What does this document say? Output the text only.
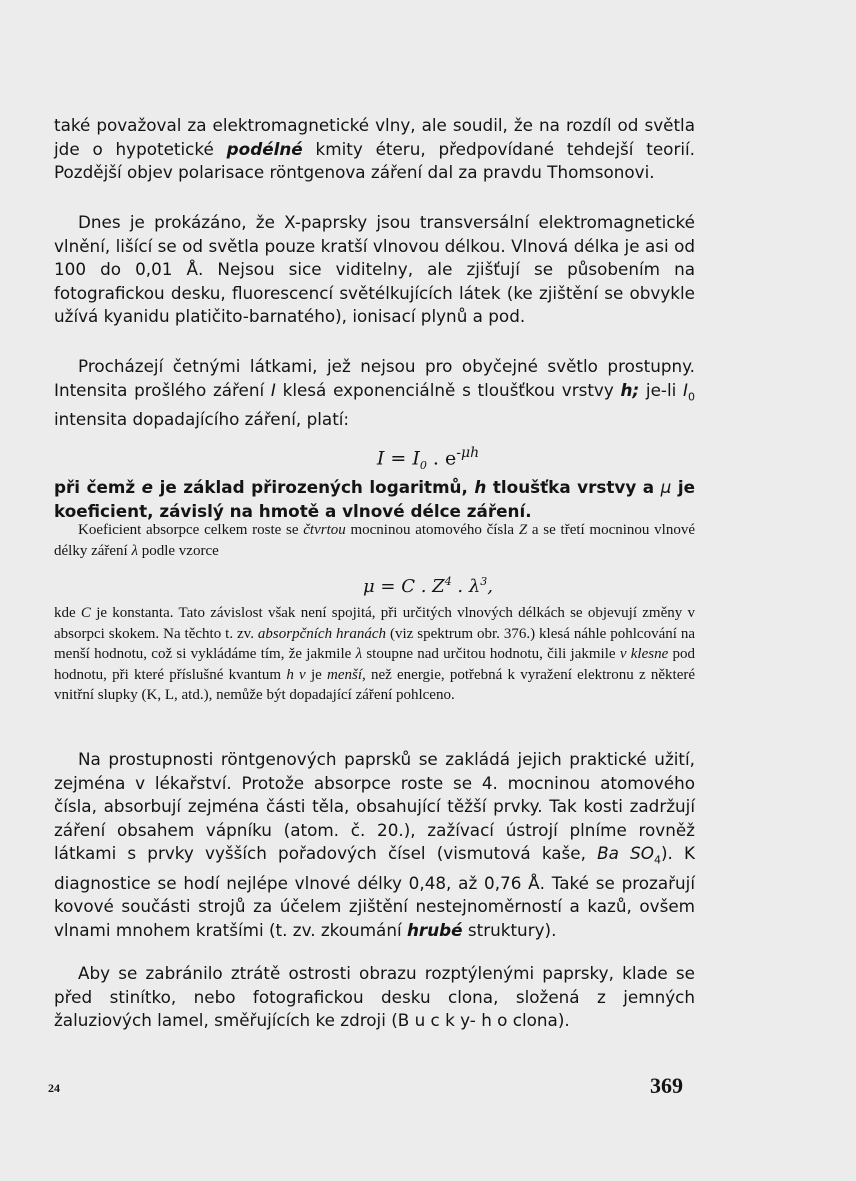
také považoval za elektromagnetické vlny, ale soudil, že na rozdíl od světla jde o hypotetické podélné kmity éteru, předpovídané tehdejší teorií. Pozdější objev polarisace röntgenova záření dal za pravdu Thomsonovi.
Dnes je prokázáno, že X-paprsky jsou transversální elektromagnetické vlnění, lišící se od světla pouze kratší vlnovou délkou. Vlnová délka je asi od 100 do 0,01 Å. Nejsou sice viditelny, ale zjišťují se působením na fotografickou desku, fluorescencí světélkujících látek (ke zjištění se obvykle užívá kyanidu platičito-barnatého), ionisací plynů a pod.
Procházejí četnými látkami, jež nejsou pro obyčejné světlo prostupny. Intensita prošlého záření I klesá exponenciálně s tloušťkou vrstvy h; je-li $I_0$ intensita dopadajícího záření, platí:
$I = I_0$ . $e^{-\mu h}$
při čemž e je základ přirozených logaritmů, h tloušťka vrstvy a μ je koeficient, závislý na hmotě a vlnové délce záření.
Koeficient absorpce celkem roste se čtvrtou mocninou atomového čísla Z a se třetí mocninou vlnové délky záření λ podle vzorce
μ = C . $Z^4$ . $\lambda^3$,
kde C je konstanta. Tato závislost však není spojitá, při určitých vlnových délkách se objevují změny v absorpci skokem. Na těchto t. zv. absorpčních hranách (viz spektrum obr. 376.) klesá náhle pohlcování na menší hodnotu, což si vykládáme tím, že jakmile λ stoupne nad určitou hodnotu, čili jakmile ν klesne pod hodnotu, při které příslušné kvantum h ν je menší, než energie, potřebná k vyražení elektronu z některé vnitřní slupky (K, L, atd.), nemůže být dopadající záření pohlceno.
Na prostupnosti röntgenových paprsků se zakládá jejich praktické užití, zejména v lékařství. Protože absorpce roste se 4. mocninou atomového čísla, absorbují zejména části těla, obsahující těžší prvky. Tak kosti zadržují záření obsahem vápníku (atom. č. 20.), zažívací ústrojí plníme rovněž látkami s prvky vyšších pořadových čísel (vismutová kaše, Ba $SO_4$). K diagnostice se hodí nejlépe vlnové délky 0,48, až 0,76 Å. Také se prozařují kovové součásti strojů za účelem zjištění nestejnoměrností a kazů, ovšem vlnami mnohem kratšími (t. zv. zkoumání hrubé struktury).
Aby se zabránilo ztrátě ostrosti obrazu rozptýlenými paprsky, klade se před stinítko, nebo fotografickou desku clona, složená z jemných žaluziových lamel, směřujících ke zdroji (B u c k y- h o clona).
24	369
